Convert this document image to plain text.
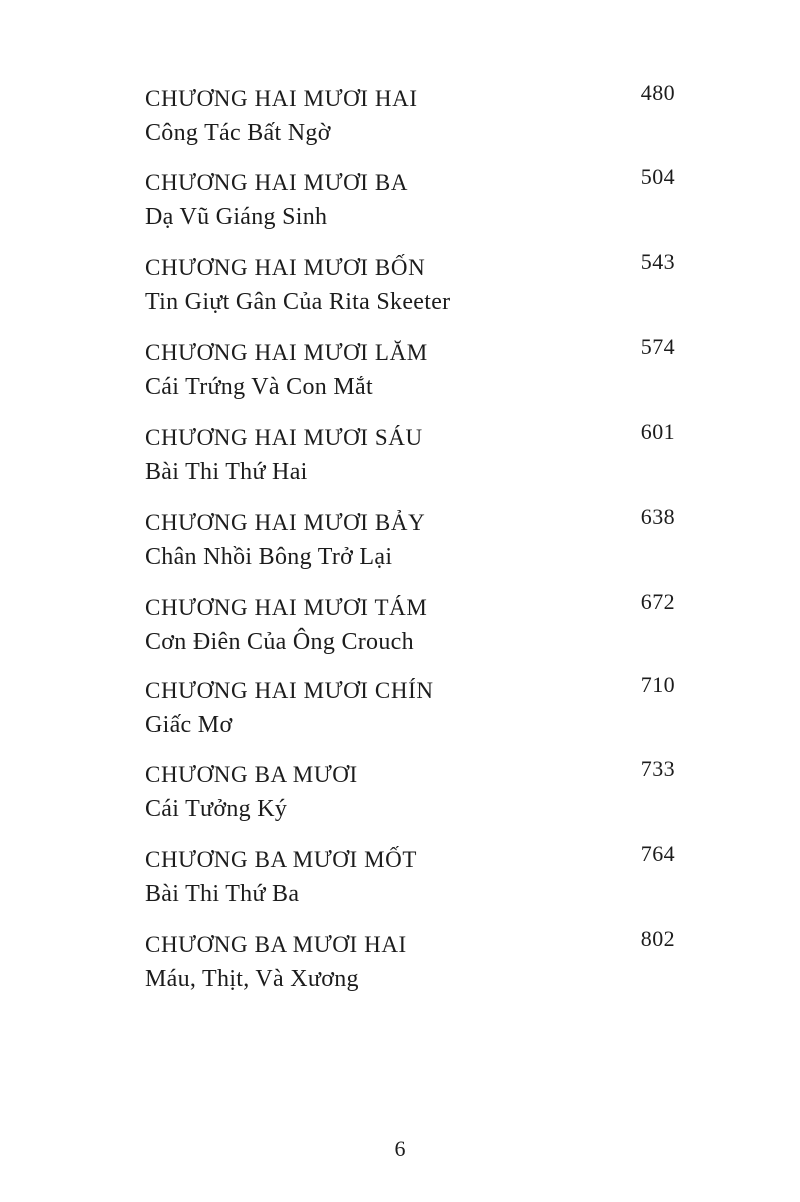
CHƯƠNG HAI MƯƠI HAI
Công Tác Bất Ngờ
480
CHƯƠNG HAI MƯƠI BA
Dạ Vũ Giáng Sinh
504
CHƯƠNG HAI MƯƠI BỐN
Tin Giựt Gân Của Rita Skeeter
543
CHƯƠNG HAI MƯƠI LĂM
Cái Trứng Và Con Mắt
574
CHƯƠNG HAI MƯƠI SÁU
Bài Thi Thứ Hai
601
CHƯƠNG HAI MƯƠI BẢY
Chân Nhồi Bông Trở Lại
638
CHƯƠNG HAI MƯƠI TÁM
Cơn Điên Của Ông Crouch
672
CHƯƠNG HAI MƯƠI CHÍN
Giấc Mơ
710
CHƯƠNG BA MƯƠI
Cái Tưởng Ký
733
CHƯƠNG BA MƯƠI MỐT
Bài Thi Thứ Ba
764
CHƯƠNG BA MƯƠI HAI
Máu, Thịt, Và Xương
802
6
